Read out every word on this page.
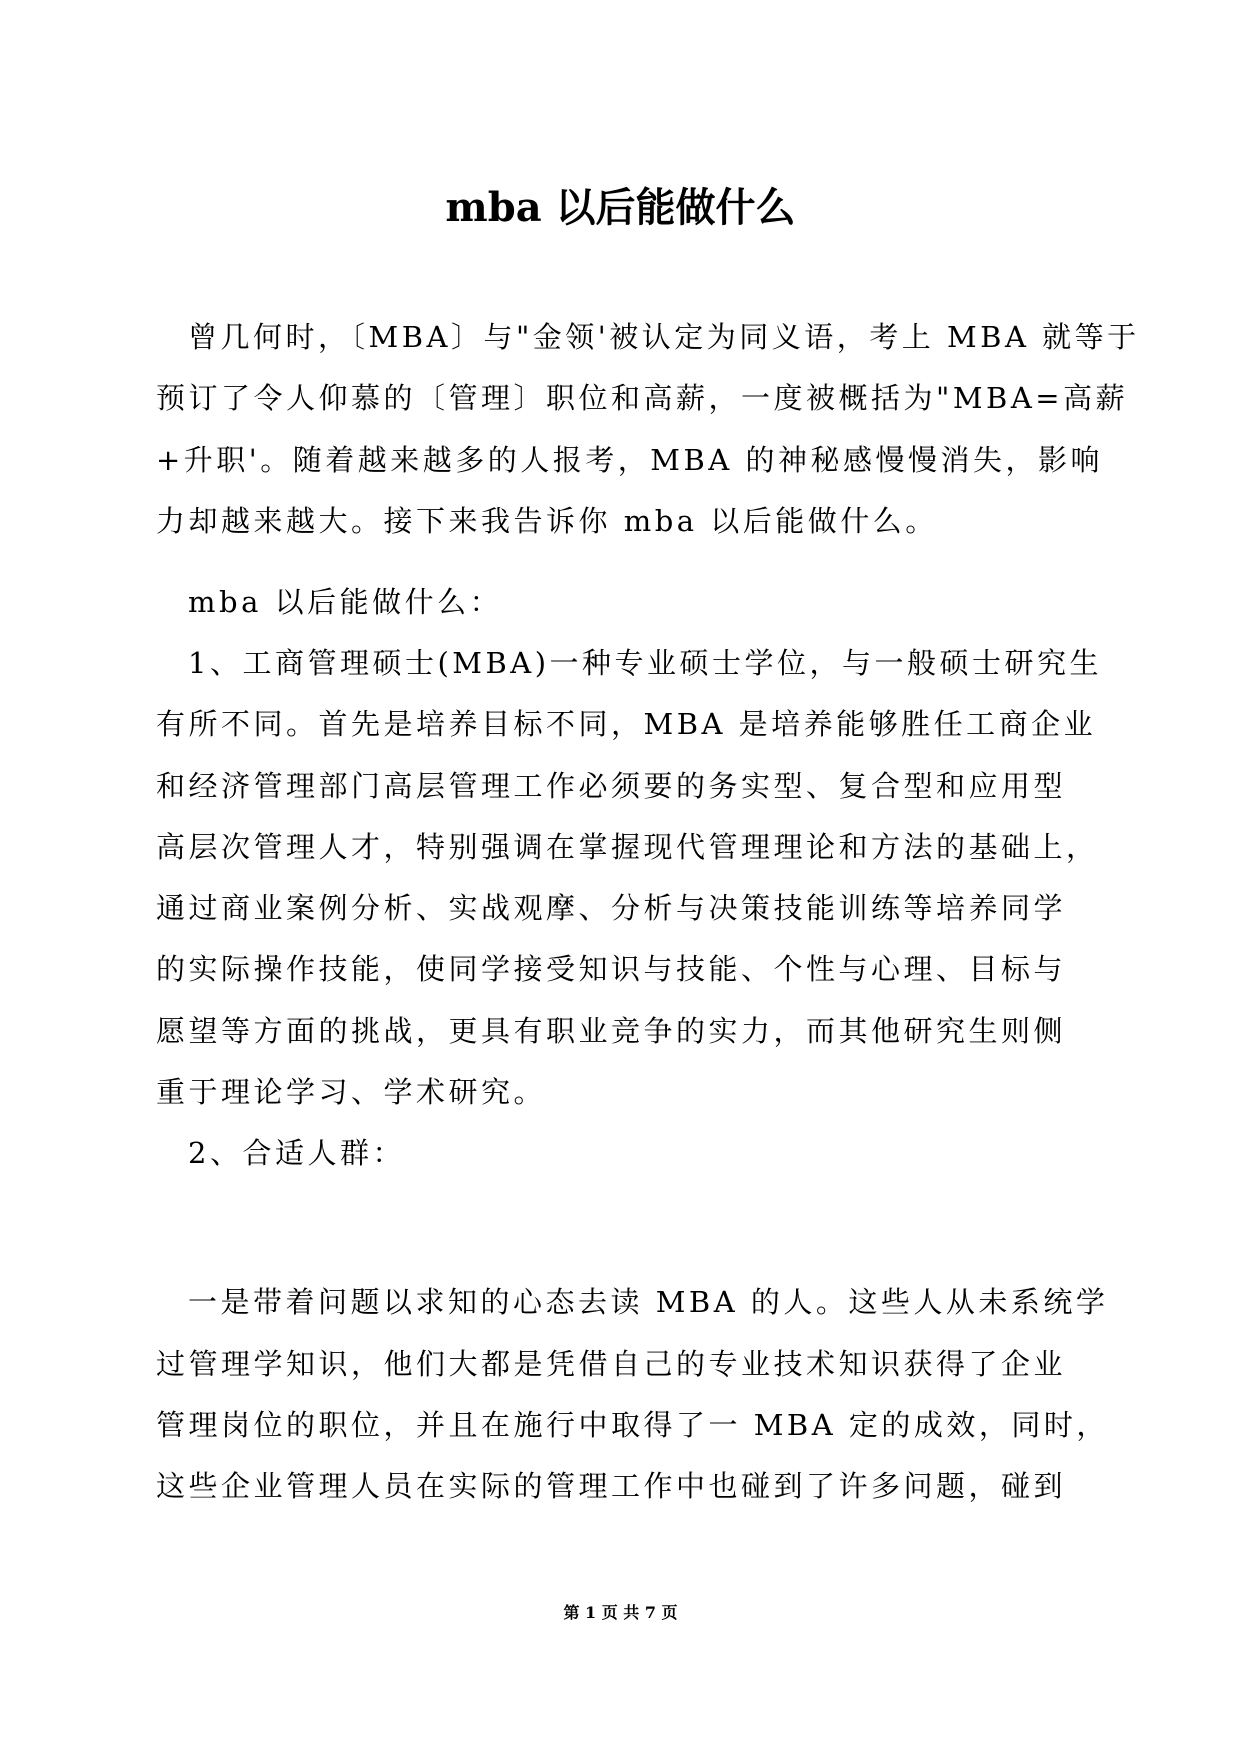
mba 以后能做什么

曾几何时，〔MBA〕与"金领'被认定为同义语，考上 MBA 就等于

预订了令人仰慕的〔管理〕职位和高薪，一度被概括为"MBA=高薪

+升职'。随着越来越多的人报考，MBA 的神秘感慢慢消失，影响

力却越来越大。接下来我告诉你 mba 以后能做什么。

mba 以后能做什么：

1、工商管理硕士(MBA)一种专业硕士学位，与一般硕士研究生

有所不同。首先是培养目标不同，MBA 是培养能够胜任工商企业

和经济管理部门高层管理工作必须要的务实型、复合型和应用型

高层次管理人才，特别强调在掌握现代管理理论和方法的基础上，

通过商业案例分析、实战观摩、分析与决策技能训练等培养同学

的实际操作技能，使同学接受知识与技能、个性与心理、目标与

愿望等方面的挑战，更具有职业竞争的实力，而其他研究生则侧

重于理论学习、学术研究。

2、合适人群：

一是带着问题以求知的心态去读 MBA 的人。这些人从未系统学

过管理学知识，他们大都是凭借自己的专业技术知识获得了企业

管理岗位的职位，并且在施行中取得了一 MBA 定的成效，同时，

这些企业管理人员在实际的管理工作中也碰到了许多问题，碰到

第 1 页 共 7 页
